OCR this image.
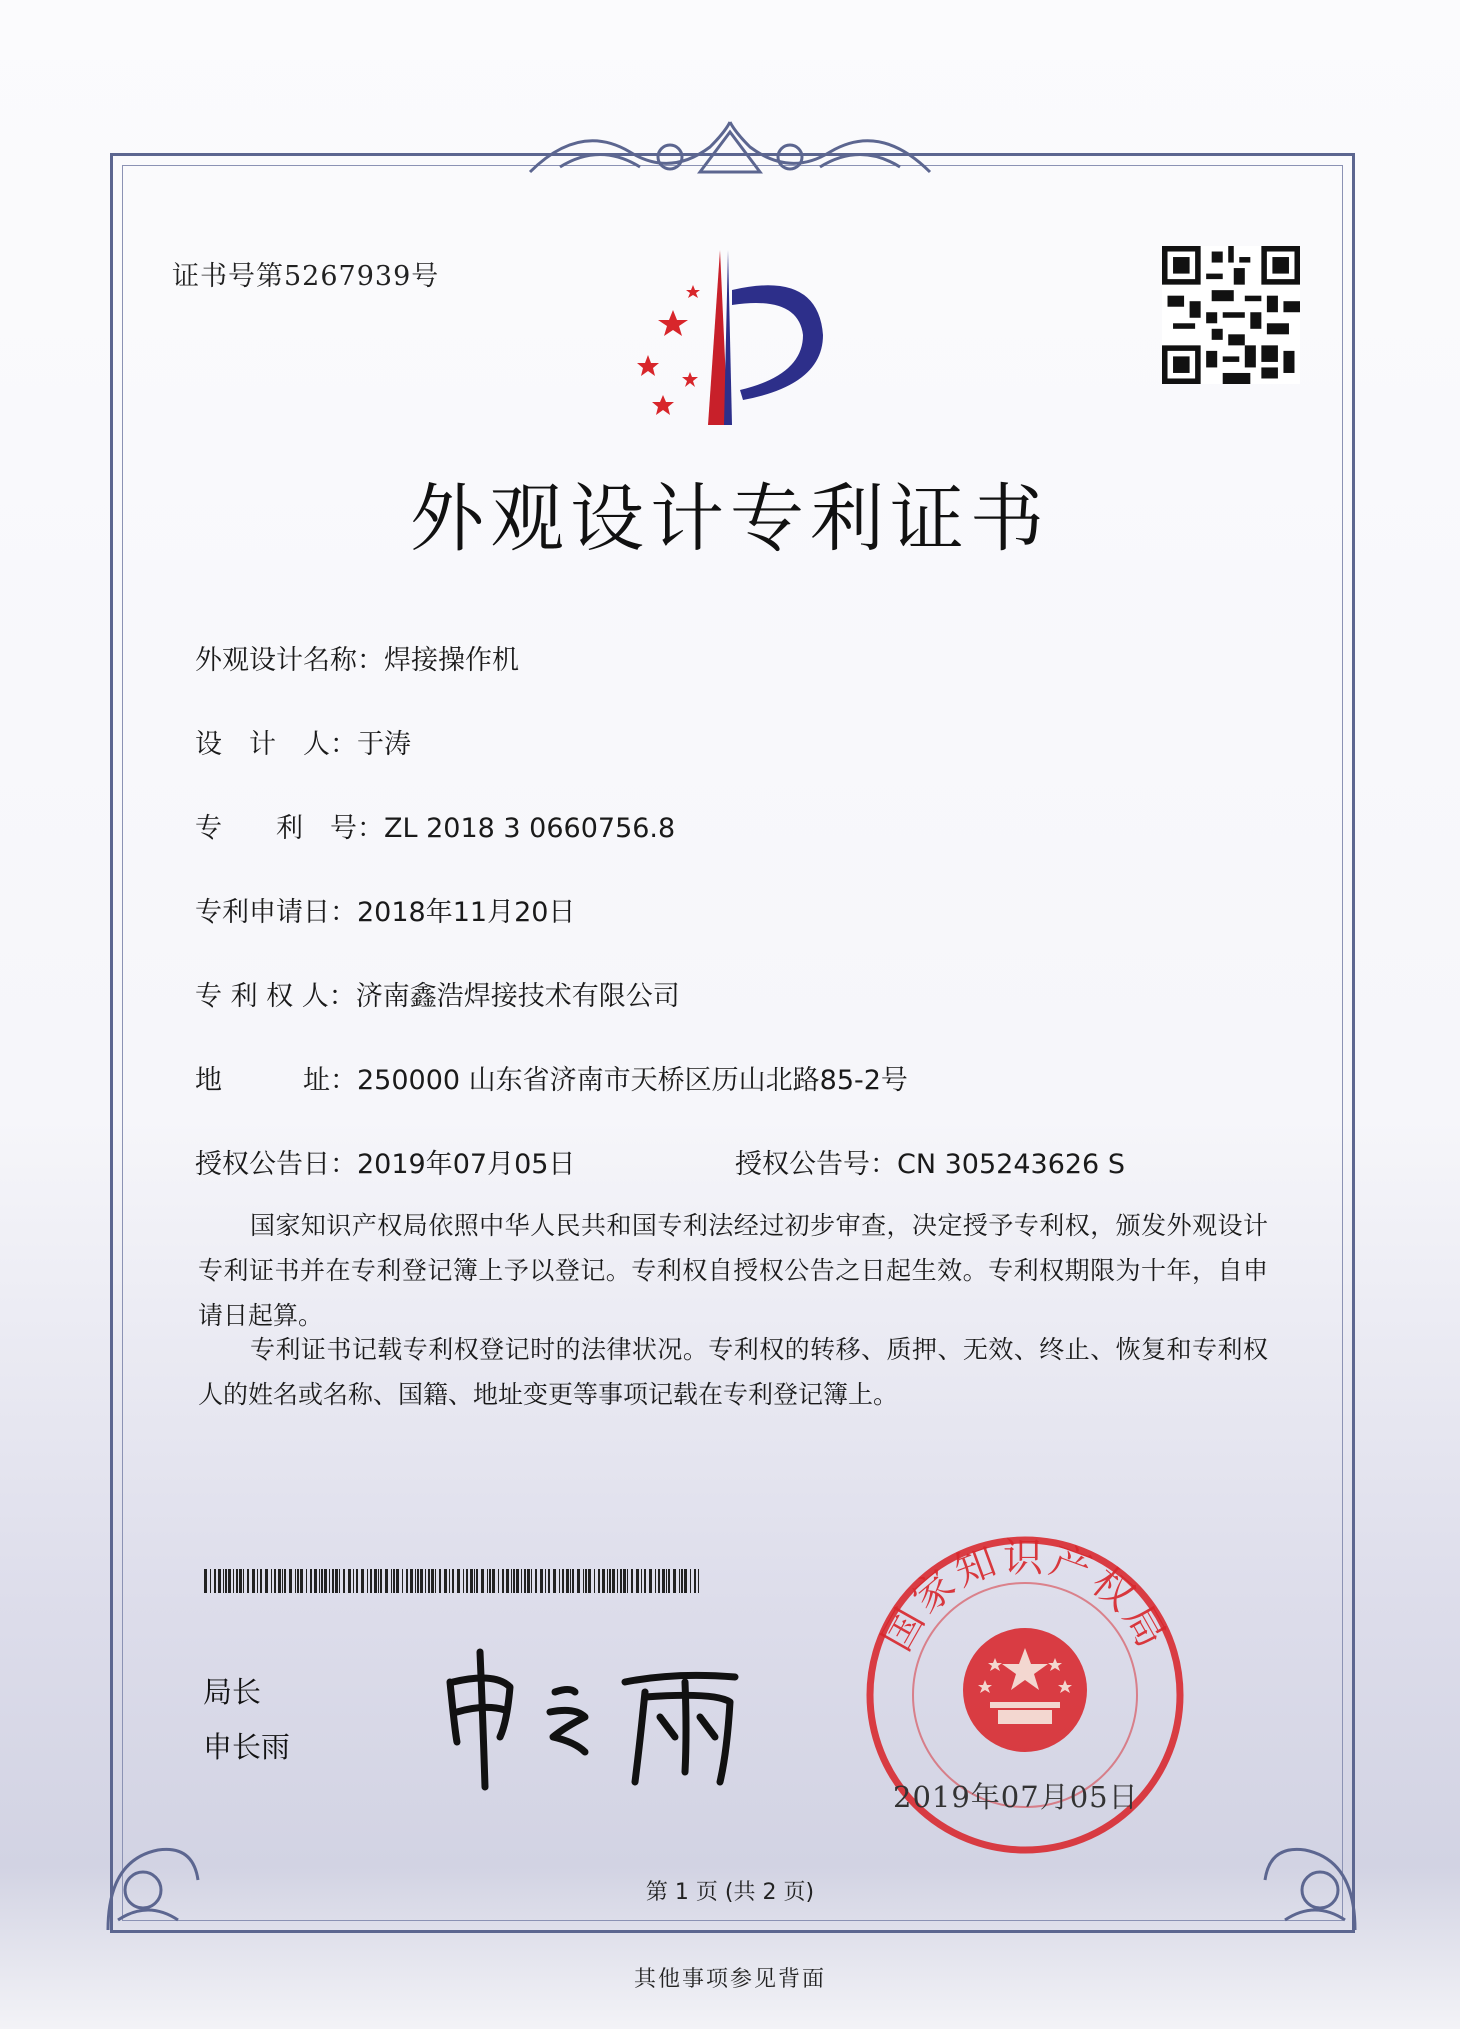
证书号第5267939号
外观设计专利证书
外观设计名称：焊接操作机
设　计　人：于涛
专　　利　号：ZL 2018 3 0660756.8
专利申请日：2018年11月20日
专 利 权 人：济南鑫浩焊接技术有限公司
地　　　址：250000 山东省济南市天桥区历山北路85-2号
授权公告日：2019年07月05日	授权公告号：CN 305243626 S
国家知识产权局依照中华人民共和国专利法经过初步审查，决定授予专利权，颁发外观设计专利证书并在专利登记簿上予以登记。专利权自授权公告之日起生效。专利权期限为十年，自申请日起算。
专利证书记载专利权登记时的法律状况。专利权的转移、质押、无效、终止、恢复和专利权人的姓名或名称、国籍、地址变更等事项记载在专利登记簿上。
局长
申长雨
国家知识产权局
2019年07月05日
第 1 页 (共 2 页)
其他事项参见背面
